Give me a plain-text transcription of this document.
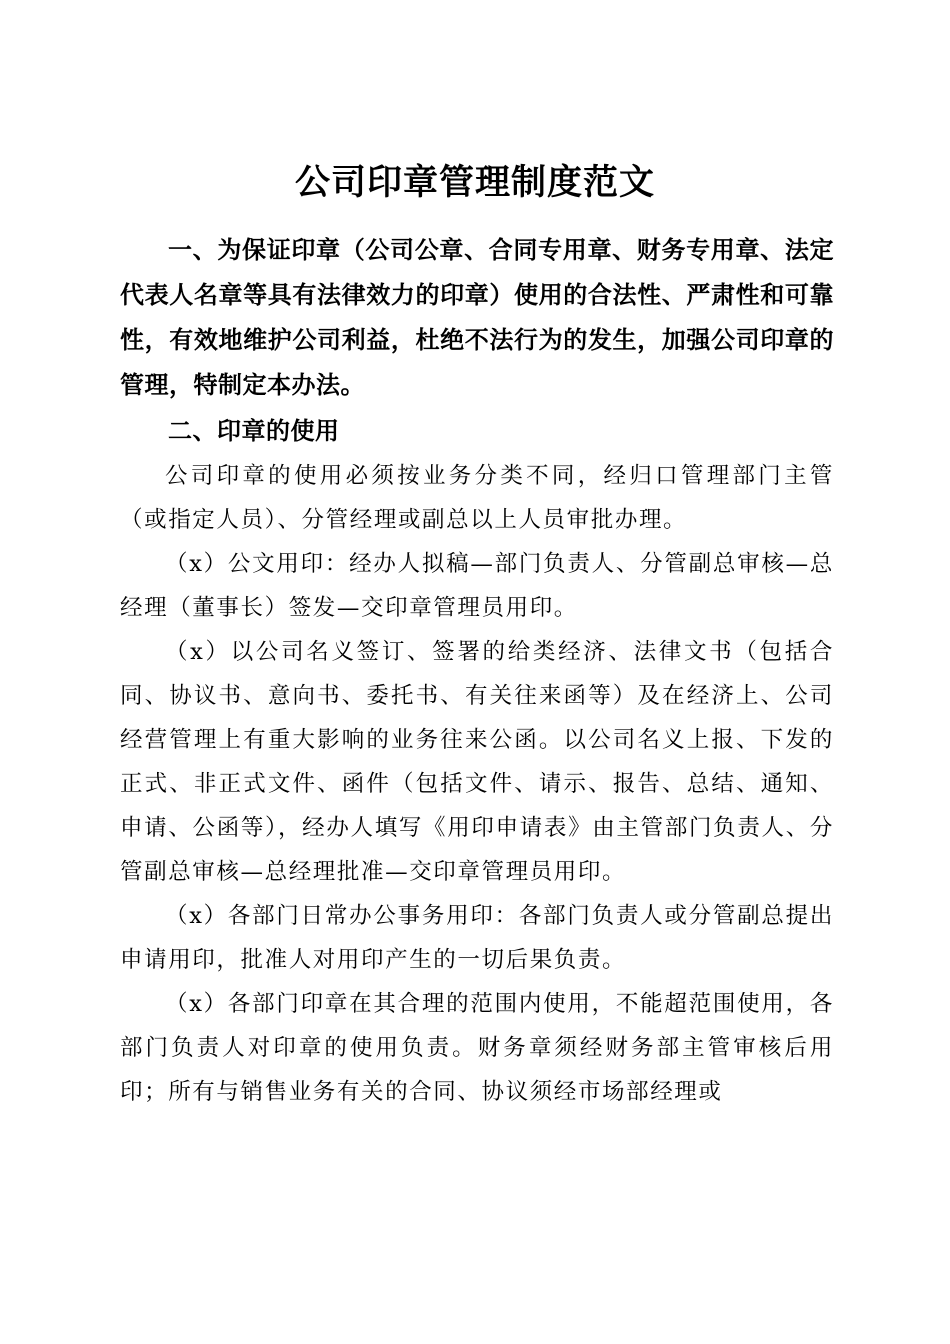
公司印章管理制度范文

一、为保证印章（公司公章、合同专用章、财务专用章、法定代表人名章等具有法律效力的印章）使用的合法性、严肃性和可靠性，有效地维护公司利益，杜绝不法行为的发生，加强公司印章的管理，特制定本办法。

二、印章的使用

公司印章的使用必须按业务分类不同，经归口管理部门主管（或指定人员）、分管经理或副总以上人员审批办理。

（x）公文用印：经办人拟稿—部门负责人、分管副总审核—总经理（董事长）签发—交印章管理员用印。

（x）以公司名义签订、签署的给类经济、法律文书（包括合同、协议书、意向书、委托书、有关往来函等）及在经济上、公司经营管理上有重大影响的业务往来公函。以公司名义上报、下发的正式、非正式文件、函件（包括文件、请示、报告、总结、通知、申请、公函等），经办人填写《用印申请表》由主管部门负责人、分管副总审核—总经理批准—交印章管理员用印。

（x）各部门日常办公事务用印：各部门负责人或分管副总提出申请用印，批准人对用印产生的一切后果负责。

（x）各部门印章在其合理的范围内使用，不能超范围使用，各部门负责人对印章的使用负责。财务章须经财务部主管审核后用印；所有与销售业务有关的合同、协议须经市场部经理或
